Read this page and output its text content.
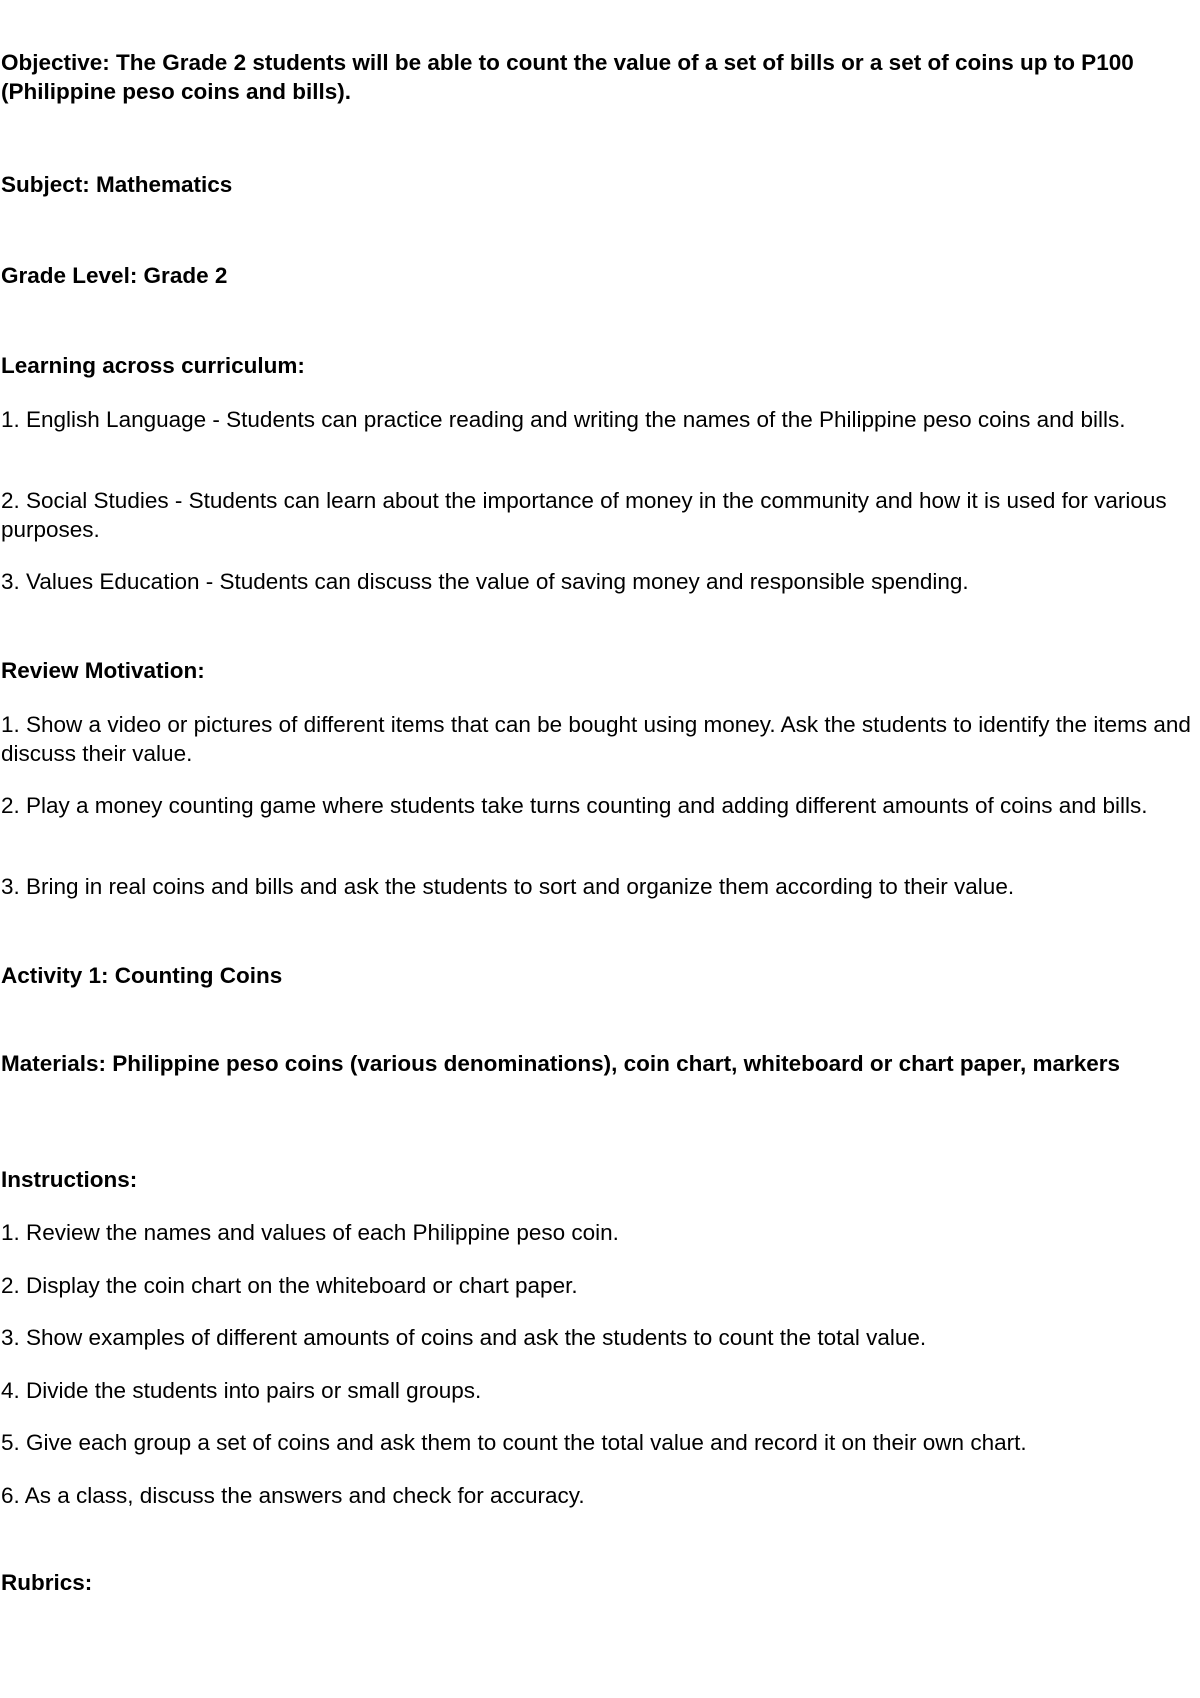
Objective: The Grade 2 students will be able to count the value of a set of bills or a set of coins up to P100 (Philippine peso coins and bills).

Subject: Mathematics

Grade Level: Grade 2

Learning across curriculum:

1. English Language - Students can practice reading and writing the names of the Philippine peso coins and bills.

2. Social Studies - Students can learn about the importance of money in the community and how it is used for various purposes.

3. Values Education - Students can discuss the value of saving money and responsible spending.

Review Motivation:

1. Show a video or pictures of different items that can be bought using money. Ask the students to identify the items and discuss their value.

2. Play a money counting game where students take turns counting and adding different amounts of coins and bills.

3. Bring in real coins and bills and ask the students to sort and organize them according to their value.

Activity 1: Counting Coins

Materials: Philippine peso coins (various denominations), coin chart, whiteboard or chart paper, markers

Instructions:

1. Review the names and values of each Philippine peso coin.

2. Display the coin chart on the whiteboard or chart paper.

3. Show examples of different amounts of coins and ask the students to count the total value.

4. Divide the students into pairs or small groups.

5. Give each group a set of coins and ask them to count the total value and record it on their own chart.

6. As a class, discuss the answers and check for accuracy.

Rubrics:
